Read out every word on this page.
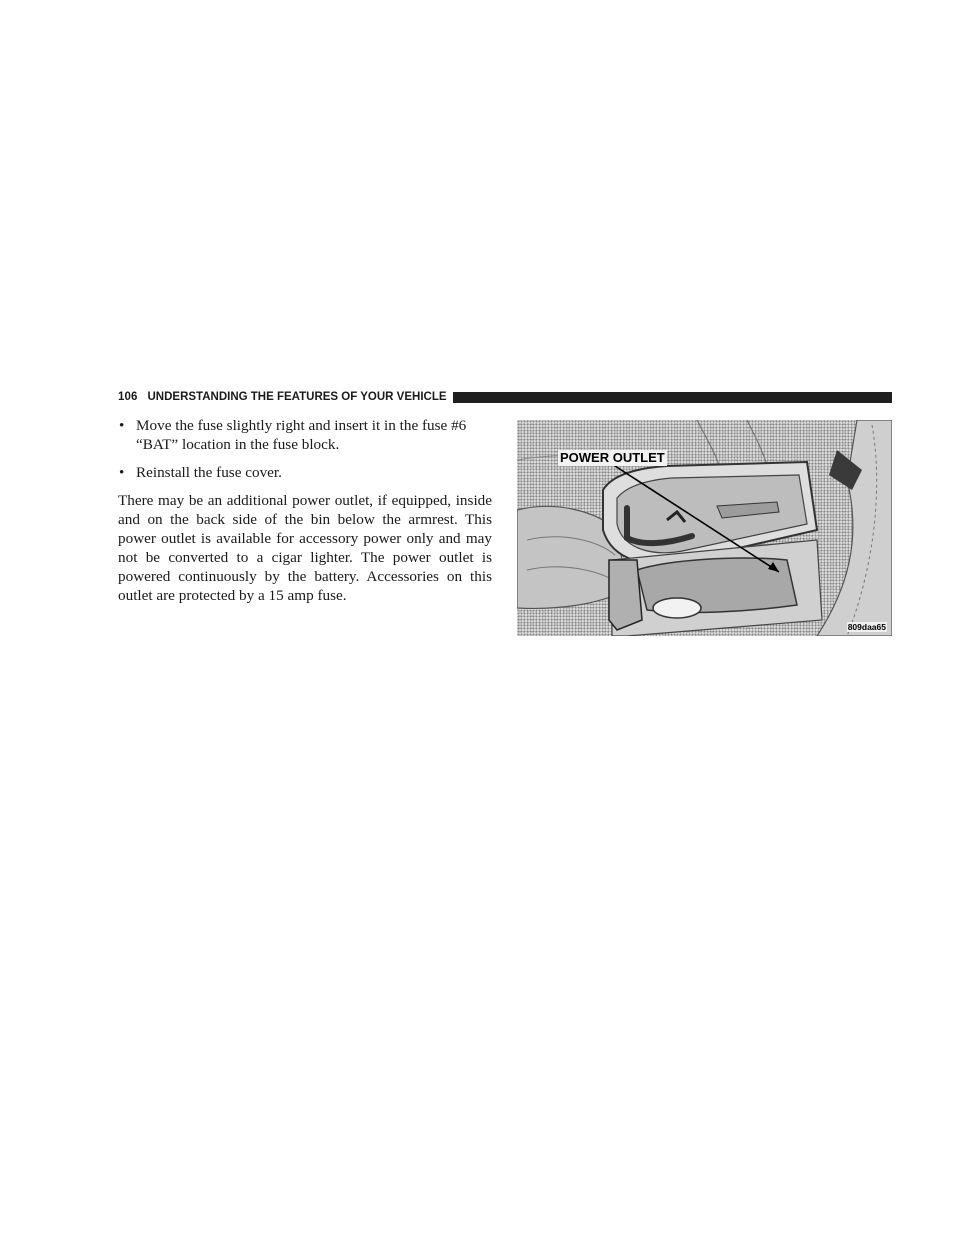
106 UNDERSTANDING THE FEATURES OF YOUR VEHICLE
• Move the fuse slightly right and insert it in the fuse #6 “BAT” location in the fuse block.
• Reinstall the fuse cover.

There may be an additional power outlet, if equipped, inside and on the back side of the bin below the armrest. This power outlet is available for accessory power only and may not be converted to a cigar lighter. The power outlet is powered continuously by the battery. Accessories on this outlet are protected by a 15 amp fuse.

POWER OUTLET
809daa65
